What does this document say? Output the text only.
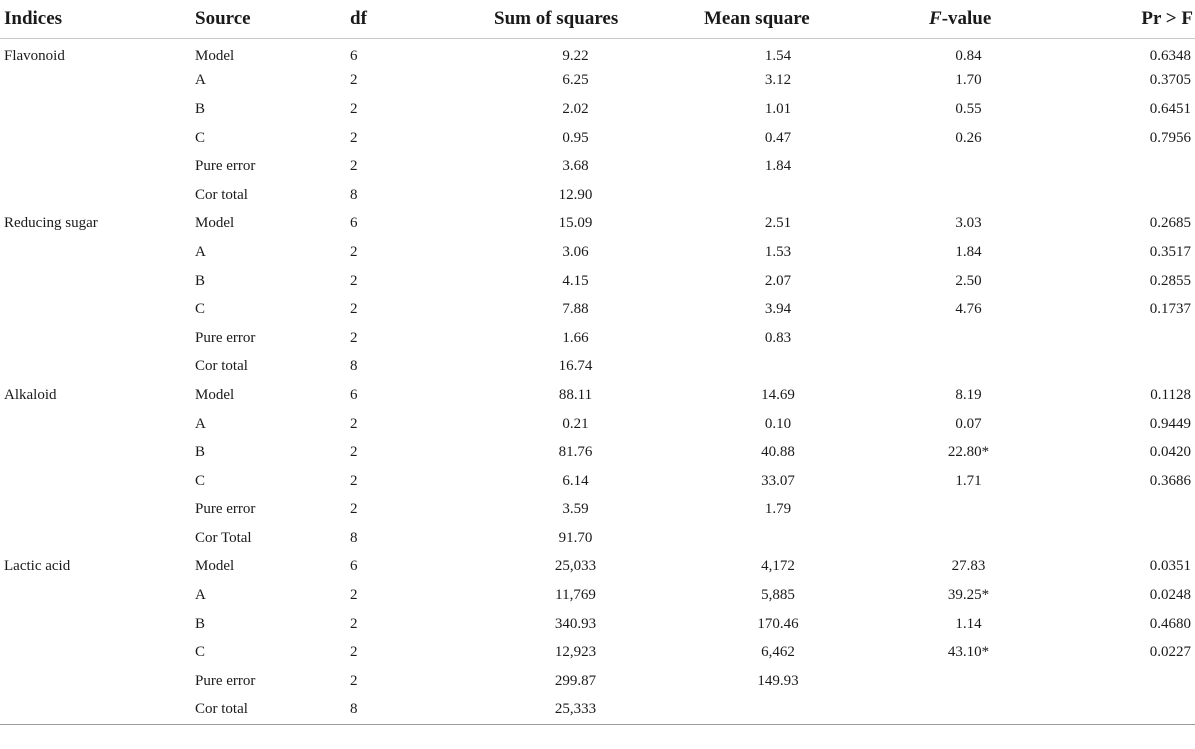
Indices	Source	df	Sum of squares	Mean square	F-value	Pr > F
Flavonoid	Model	6	9.22	1.54	0.84	0.6348
	A	2	6.25	3.12	1.70	0.3705
	B	2	2.02	1.01	0.55	0.6451
	C	2	0.95	0.47	0.26	0.7956
	Pure error	2	3.68	1.84		
	Cor total	8	12.90			
Reducing sugar	Model	6	15.09	2.51	3.03	0.2685
	A	2	3.06	1.53	1.84	0.3517
	B	2	4.15	2.07	2.50	0.2855
	C	2	7.88	3.94	4.76	0.1737
	Pure error	2	1.66	0.83		
	Cor total	8	16.74			
Alkaloid	Model	6	88.11	14.69	8.19	0.1128
	A	2	0.21	0.10	0.07	0.9449
	B	2	81.76	40.88	22.80*	0.0420
	C	2	6.14	33.07	1.71	0.3686
	Pure error	2	3.59	1.79		
	Cor Total	8	91.70			
Lactic acid	Model	6	25,033	4,172	27.83	0.0351
	A	2	11,769	5,885	39.25*	0.0248
	B	2	340.93	170.46	1.14	0.4680
	C	2	12,923	6,462	43.10*	0.0227
	Pure error	2	299.87	149.93		
	Cor total	8	25,333			
